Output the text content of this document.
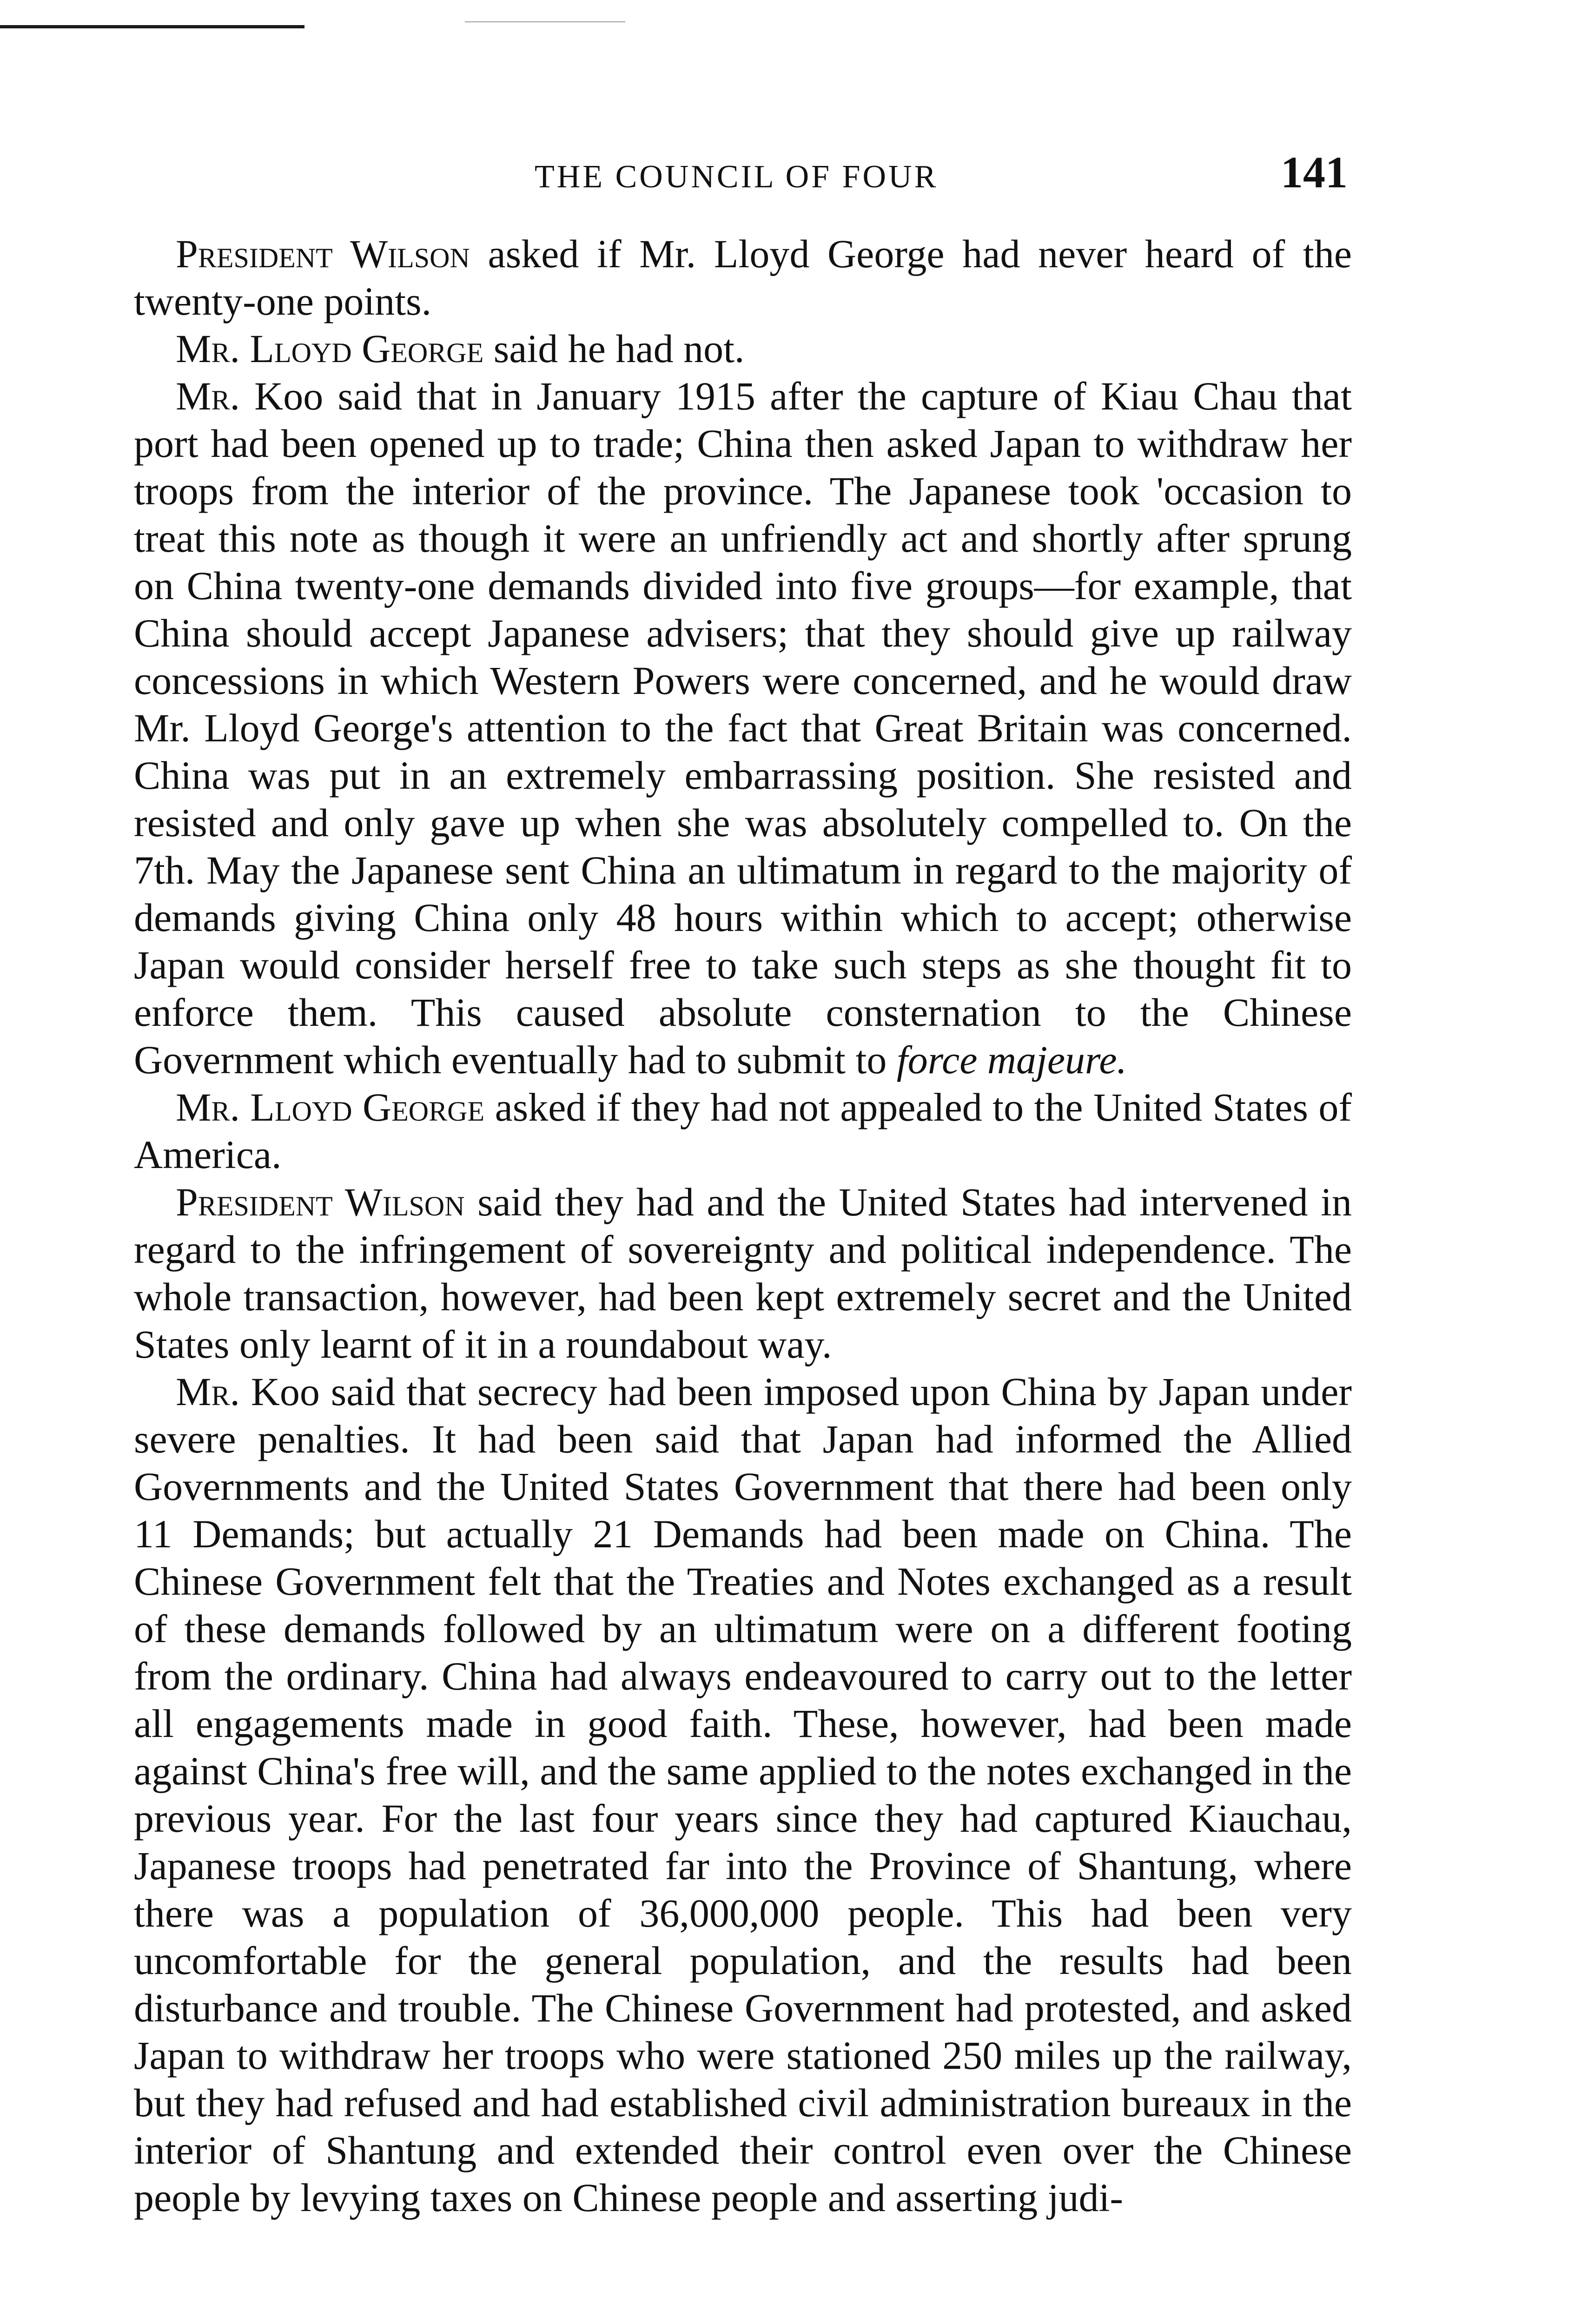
THE COUNCIL OF FOUR	141

President Wilson asked if Mr. Lloyd George had never heard of the twenty-one points.

Mr. Lloyd George said he had not.

Mr. Koo said that in January 1915 after the capture of Kiau Chau that port had been opened up to trade; China then asked Japan to withdraw her troops from the interior of the province. The Japanese took 'occasion to treat this note as though it were an unfriendly act and shortly after sprung on China twenty-one demands divided into five groups—for example, that China should accept Japanese advisers; that they should give up railway concessions in which Western Powers were concerned, and he would draw Mr. Lloyd George's attention to the fact that Great Britain was concerned. China was put in an extremely embarrassing position. She resisted and resisted and only gave up when she was absolutely compelled to. On the 7th. May the Japanese sent China an ultimatum in regard to the majority of demands giving China only 48 hours within which to accept; otherwise Japan would consider herself free to take such steps as she thought fit to enforce them. This caused absolute consternation to the Chinese Government which eventually had to submit to force majeure.

Mr. Lloyd George asked if they had not appealed to the United States of America.

President Wilson said they had and the United States had intervened in regard to the infringement of sovereignty and political independence. The whole transaction, however, had been kept extremely secret and the United States only learnt of it in a roundabout way.

Mr. Koo said that secrecy had been imposed upon China by Japan under severe penalties. It had been said that Japan had informed the Allied Governments and the United States Government that there had been only 11 Demands; but actually 21 Demands had been made on China. The Chinese Government felt that the Treaties and Notes exchanged as a result of these demands followed by an ultimatum were on a different footing from the ordinary. China had always endeavoured to carry out to the letter all engagements made in good faith. These, however, had been made against China's free will, and the same applied to the notes exchanged in the previous year. For the last four years since they had captured Kiauchau, Japanese troops had penetrated far into the Province of Shantung, where there was a population of 36,000,000 people. This had been very uncomfortable for the general population, and the results had been disturbance and trouble. The Chinese Government had protested, and asked Japan to withdraw her troops who were stationed 250 miles up the railway, but they had refused and had established civil administration bureaux in the interior of Shantung and extended their control even over the Chinese people by levying taxes on Chinese people and asserting judi-
